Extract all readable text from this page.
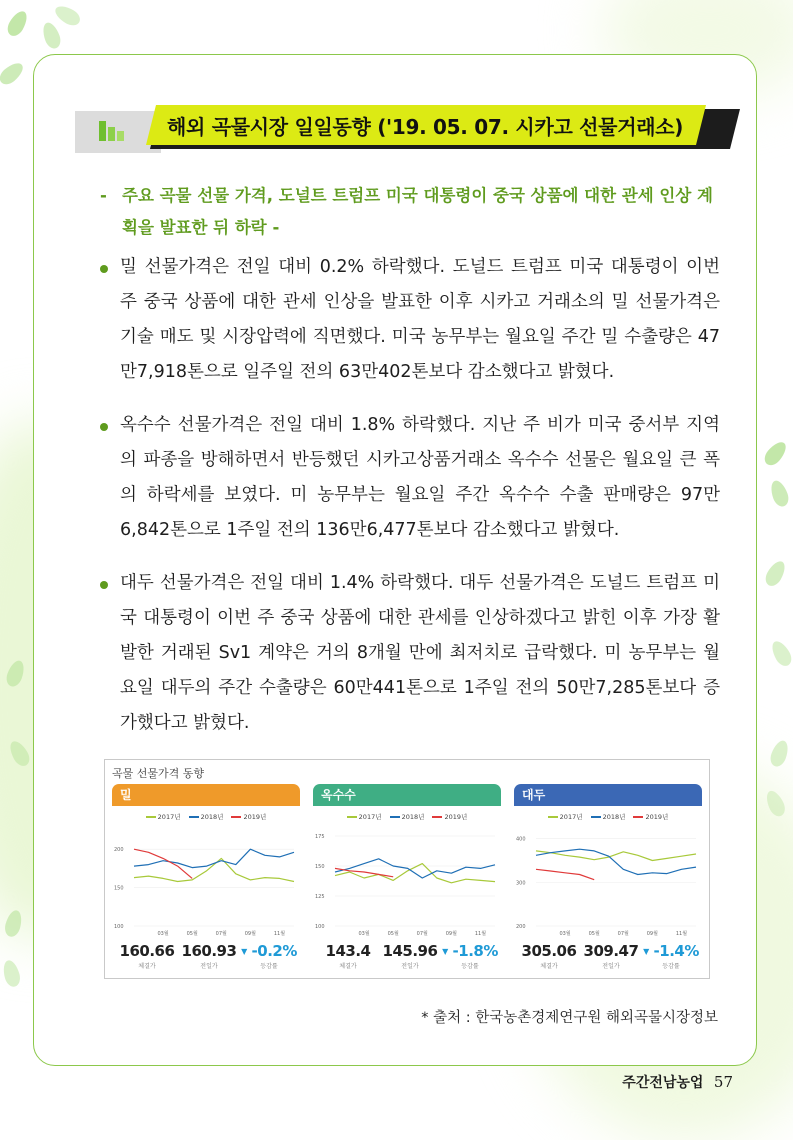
해외 곡물시장 일일동향 ('19. 05. 07. 시카고 선물거래소)
- 주요 곡물 선물 가격, 도널트 트럼프 미국 대통령이 중국 상품에 대한 관세 인상 계획을 발표한 뒤 하락 -
밀 선물가격은 전일 대비 0.2% 하락했다. 도널드 트럼프 미국 대통령이 이번 주 중국 상품에 대한 관세 인상을 발표한 이후 시카고 거래소의 밀 선물가격은 기술 매도 및 시장압력에 직면했다. 미국 농무부는 월요일 주간 밀 수출량은 47만7,918톤으로 일주일 전의 63만402톤보다 감소했다고 밝혔다.
옥수수 선물가격은 전일 대비 1.8% 하락했다. 지난 주 비가 미국 중서부 지역의 파종을 방해하면서 반등했던 시카고상품거래소 옥수수 선물은 월요일 큰 폭의 하락세를 보였다. 미 농무부는 월요일 주간 옥수수 수출 판매량은 97만6,842톤으로 1주일 전의 136만6,477톤보다 감소했다고 밝혔다.
대두 선물가격은 전일 대비 1.4% 하락했다. 대두 선물가격은 도널드 트럼프 미국 대통령이 이번 주 중국 상품에 대한 관세를 인상하겠다고 밝힌 이후 가장 활발한 거래된 Sv1 계약은 거의 8개월 만에 최저치로 급락했다. 미 농무부는 월요일 대두의 주간 수출량은 60만441톤으로 1주일 전의 50만7,285톤보다 증가했다고 밝혔다.
곡물 선물가격 동향
밀
2017년	2018년	2019년
100
150
200
03월	05월	07월	09월	11월
160.66
체결가
160.93
전일가
▼ -0.2%
등감률
옥수수
2017년	2018년	2019년
100
125
150
175
03월	05월	07월	09월	11월
143.4
체결가
145.96
전일가
▼ -1.8%
등감률
대두
2017년	2018년	2019년
200
300
400
03월	05월	07월	09월	11월
305.06
체결가
309.47
전일가
▼ -1.4%
등감률
* 출처 : 한국농촌경제연구원 해외곡물시장정보
주간전남농업 57
